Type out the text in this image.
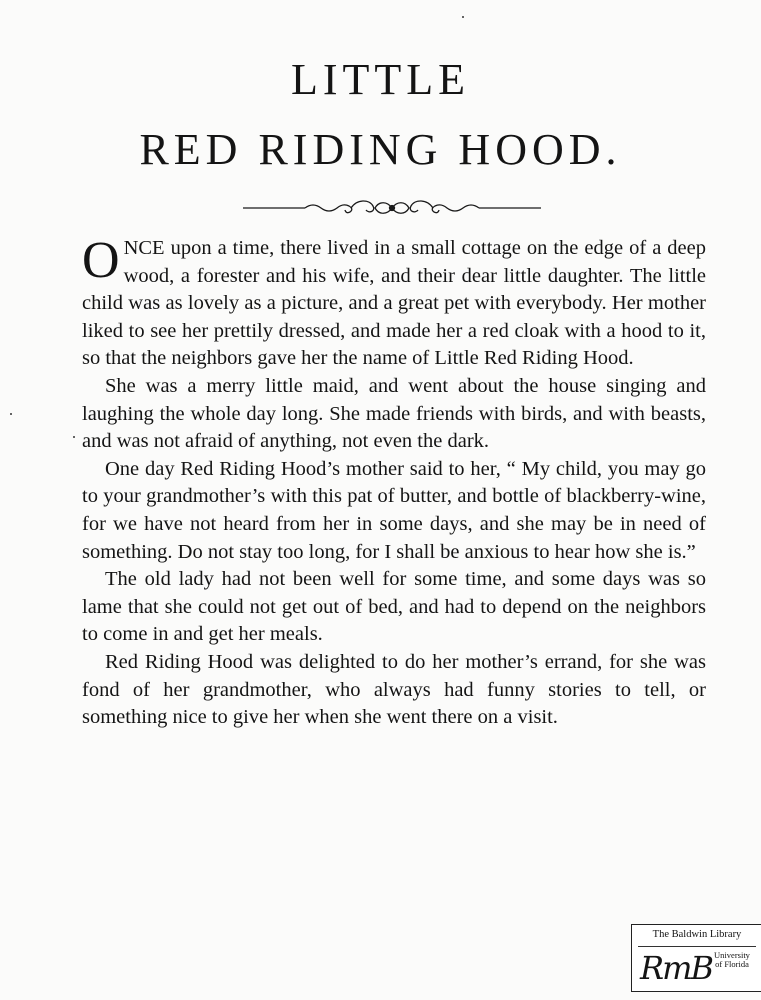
LITTLE
RED RIDING HOOD.

ONCE upon a time, there lived in a small cottage on the edge of a deep wood, a forester and his wife, and their dear little daughter. The little child was as lovely as a picture, and a great pet with everybody. Her mother liked to see her prettily dressed, and made her a red cloak with a hood to it, so that the neighbors gave her the name of Little Red Riding Hood.

She was a merry little maid, and went about the house singing and laughing the whole day long. She made friends with birds, and with beasts, and was not afraid of anything, not even the dark.

One day Red Riding Hood’s mother said to her, “ My child, you may go to your grandmother’s with this pat of butter, and bottle of blackberry-wine, for we have not heard from her in some days, and she may be in need of something. Do not stay too long, for I shall be anxious to hear how she is.”

The old lady had not been well for some time, and some days was so lame that she could not get out of bed, and had to depend on the neighbors to come in and get her meals.

Red Riding Hood was delighted to do her mother’s errand, for she was fond of her grandmother, who always had funny stories to tell, or something nice to give her when she went there on a visit.

The Baldwin Library
RmB University of Florida
